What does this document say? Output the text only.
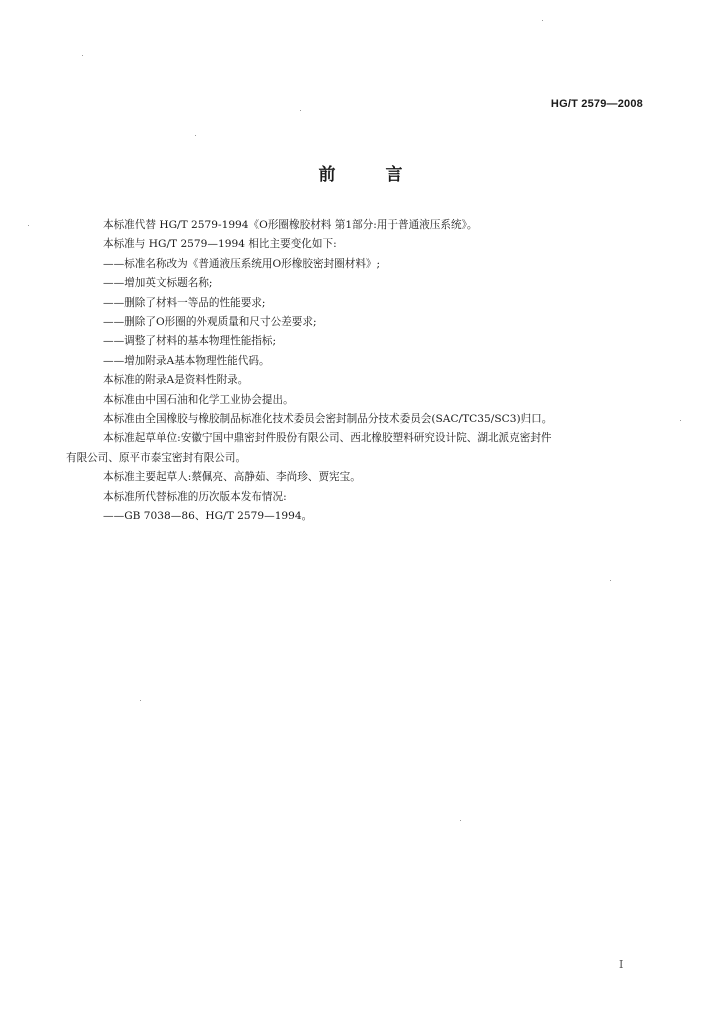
HG/T 2579—2008
前言

本标准代替 HG/T 2579-1994《O形圈橡胶材料 第1部分:用于普通液压系统》。

本标准与 HG/T 2579—1994 相比主要变化如下:

——标准名称改为《普通液压系统用O形橡胶密封圈材料》;

——增加英文标题名称;

——删除了材料一等品的性能要求;

——删除了O形圈的外观质量和尺寸公差要求;

——调整了材料的基本物理性能指标;

——增加附录A基本物理性能代码。

本标准的附录A是资料性附录。

本标准由中国石油和化学工业协会提出。

本标准由全国橡胶与橡胶制品标准化技术委员会密封制品分技术委员会(SAC/TC35/SC3)归口。

本标准起草单位:安徽宁国中鼎密封件股份有限公司、西北橡胶塑料研究设计院、湖北派克密封件

有限公司、原平市泰宝密封有限公司。

本标准主要起草人:蔡佩亮、高静茹、李尚珍、贾宪宝。

本标准所代替标准的历次版本发布情况:

——GB 7038—86、HG/T 2579—1994。

I
